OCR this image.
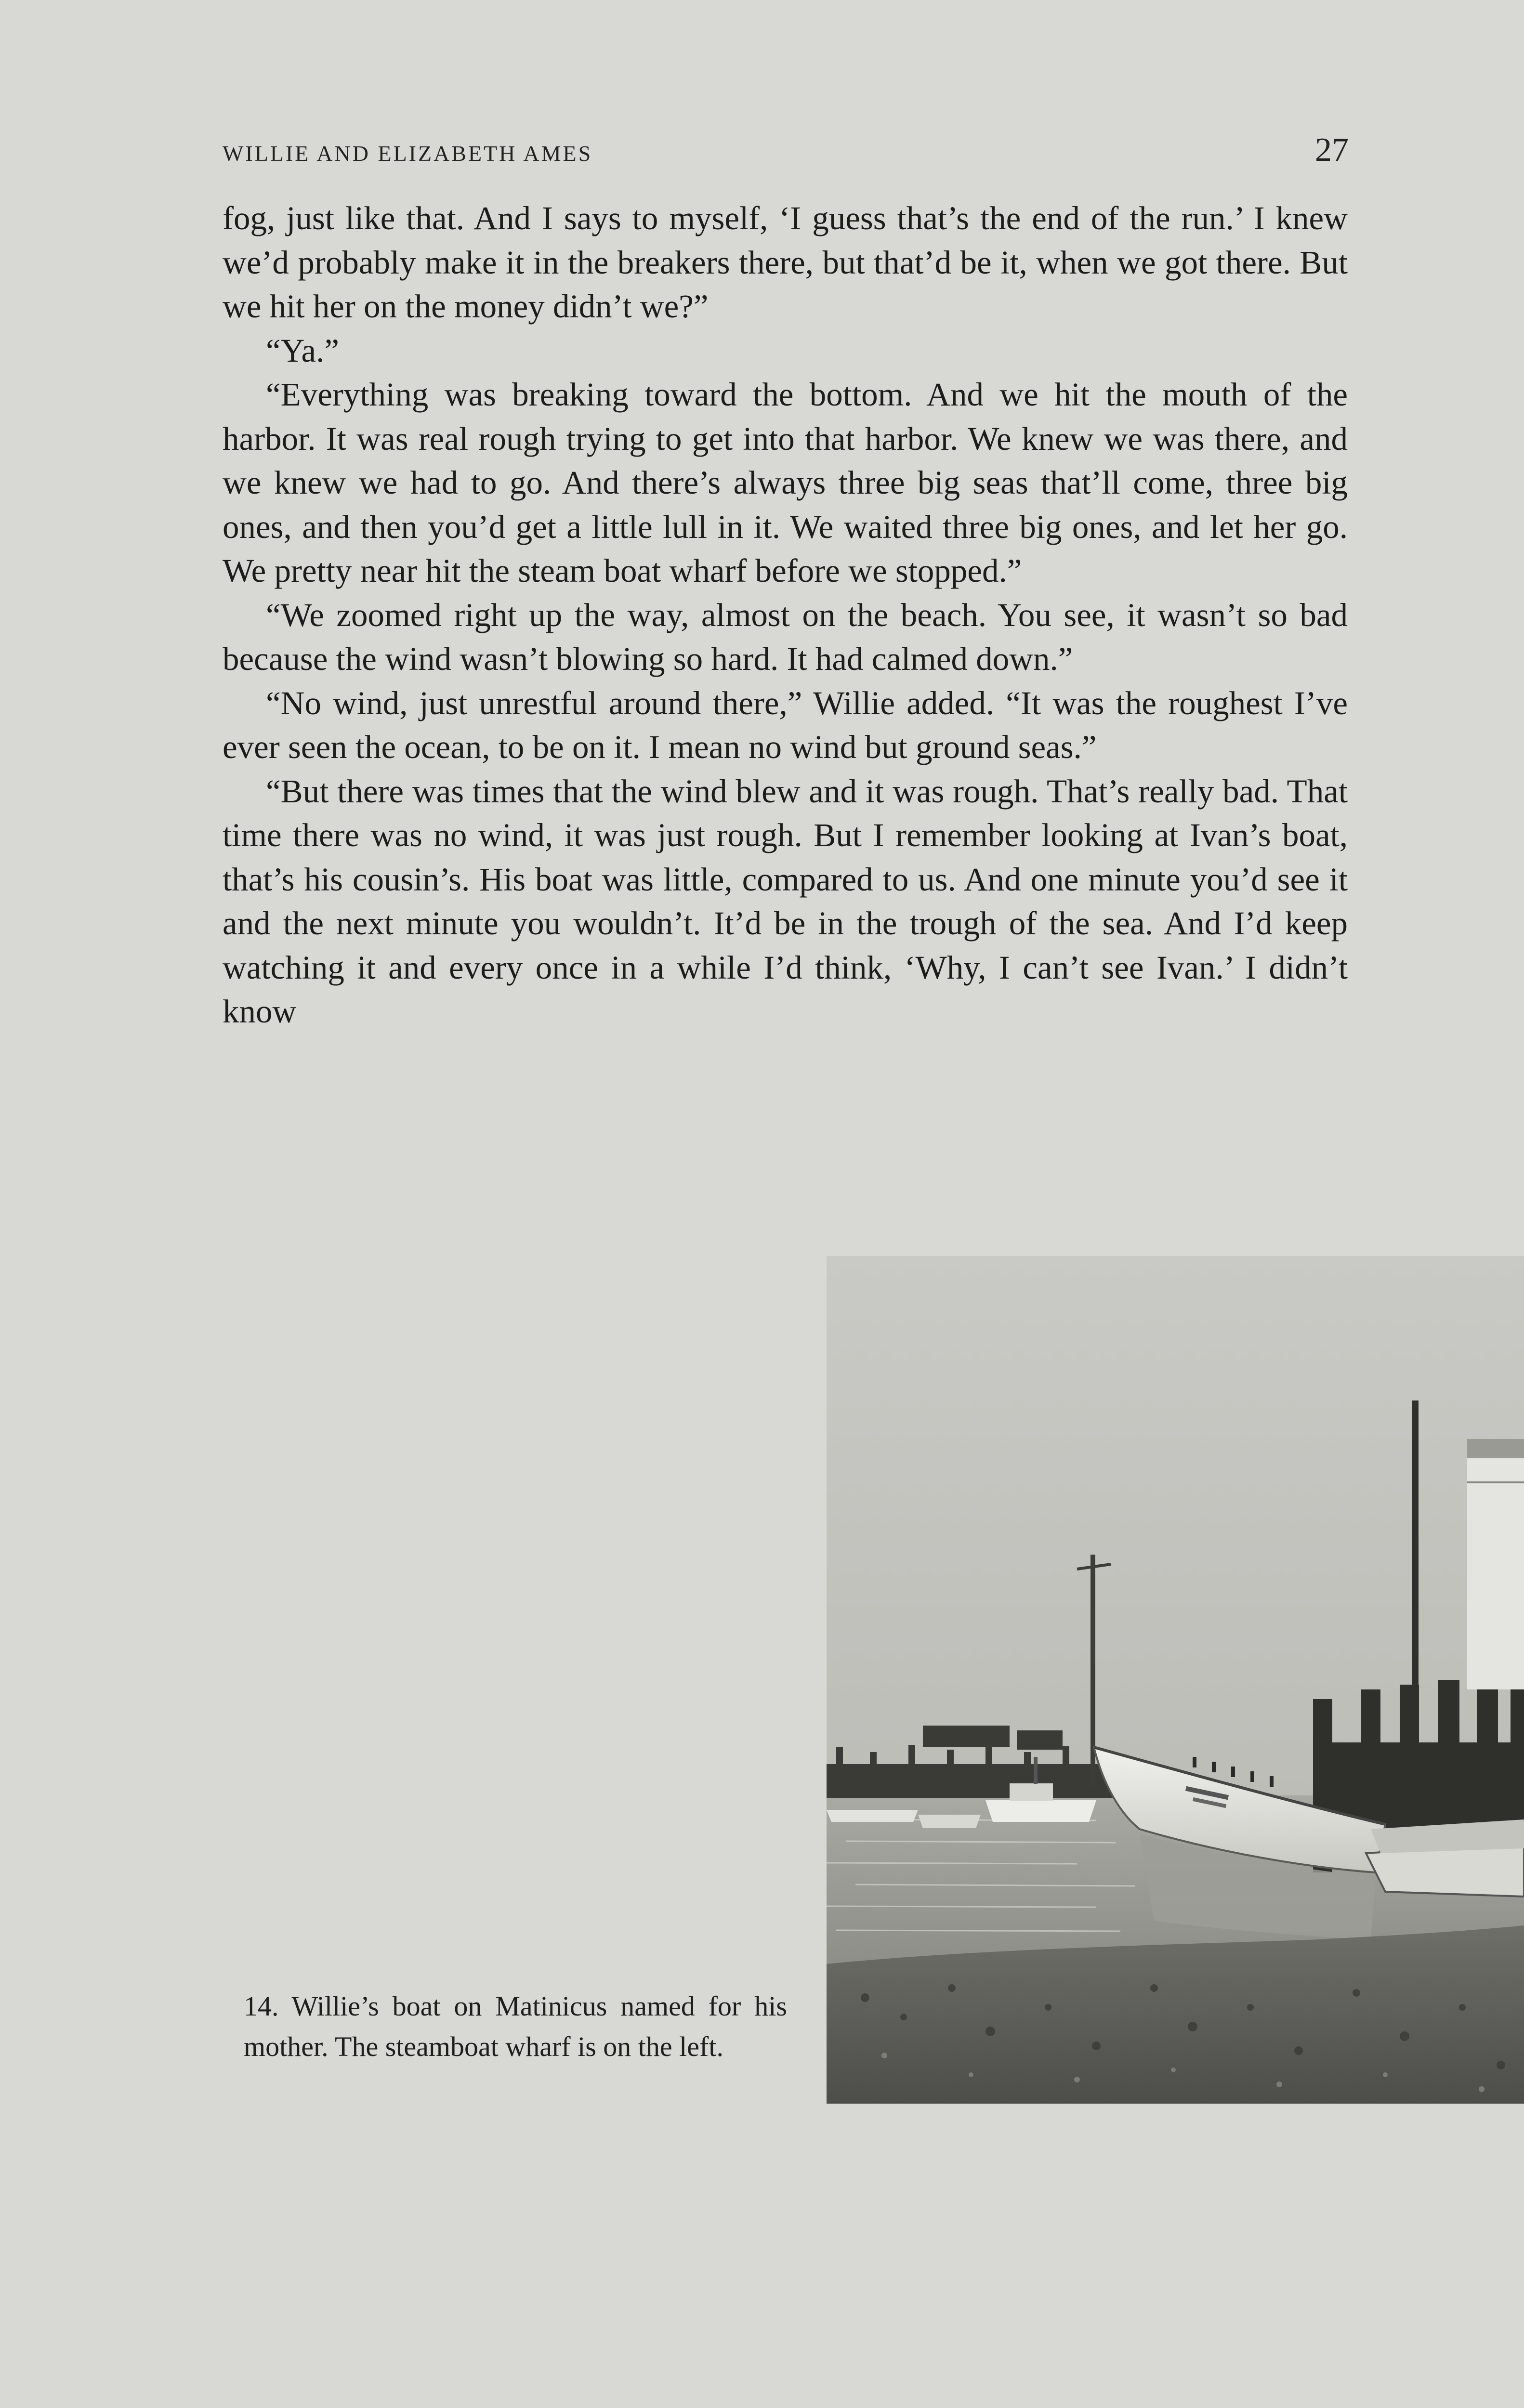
WILLIE AND ELIZABETH AMES	27

fog, just like that. And I says to myself, ‘I guess that’s the end of the run.’ I knew we’d probably make it in the breakers there, but that’d be it, when we got there. But we hit her on the money didn’t we?”

“Ya.”

“Everything was breaking toward the bottom. And we hit the mouth of the harbor. It was real rough trying to get into that harbor. We knew we was there, and we knew we had to go. And there’s always three big seas that’ll come, three big ones, and then you’d get a little lull in it. We waited three big ones, and let her go. We pretty near hit the steam boat wharf before we stopped.”

“We zoomed right up the way, almost on the beach. You see, it wasn’t so bad because the wind wasn’t blowing so hard. It had calmed down.”

“No wind, just unrestful around there,” Willie added. “It was the roughest I’ve ever seen the ocean, to be on it. I mean no wind but ground seas.”

“But there was times that the wind blew and it was rough. That’s really bad. That time there was no wind, it was just rough. But I remember looking at Ivan’s boat, that’s his cousin’s. His boat was little, compared to us. And one minute you’d see it and the next minute you wouldn’t. It’d be in the trough of the sea. And I’d keep watching it and every once in a while I’d think, ‘Why, I can’t see Ivan.’ I didn’t know

14. Willie’s boat on Matinicus named for his mother. The steamboat wharf is on the left.
